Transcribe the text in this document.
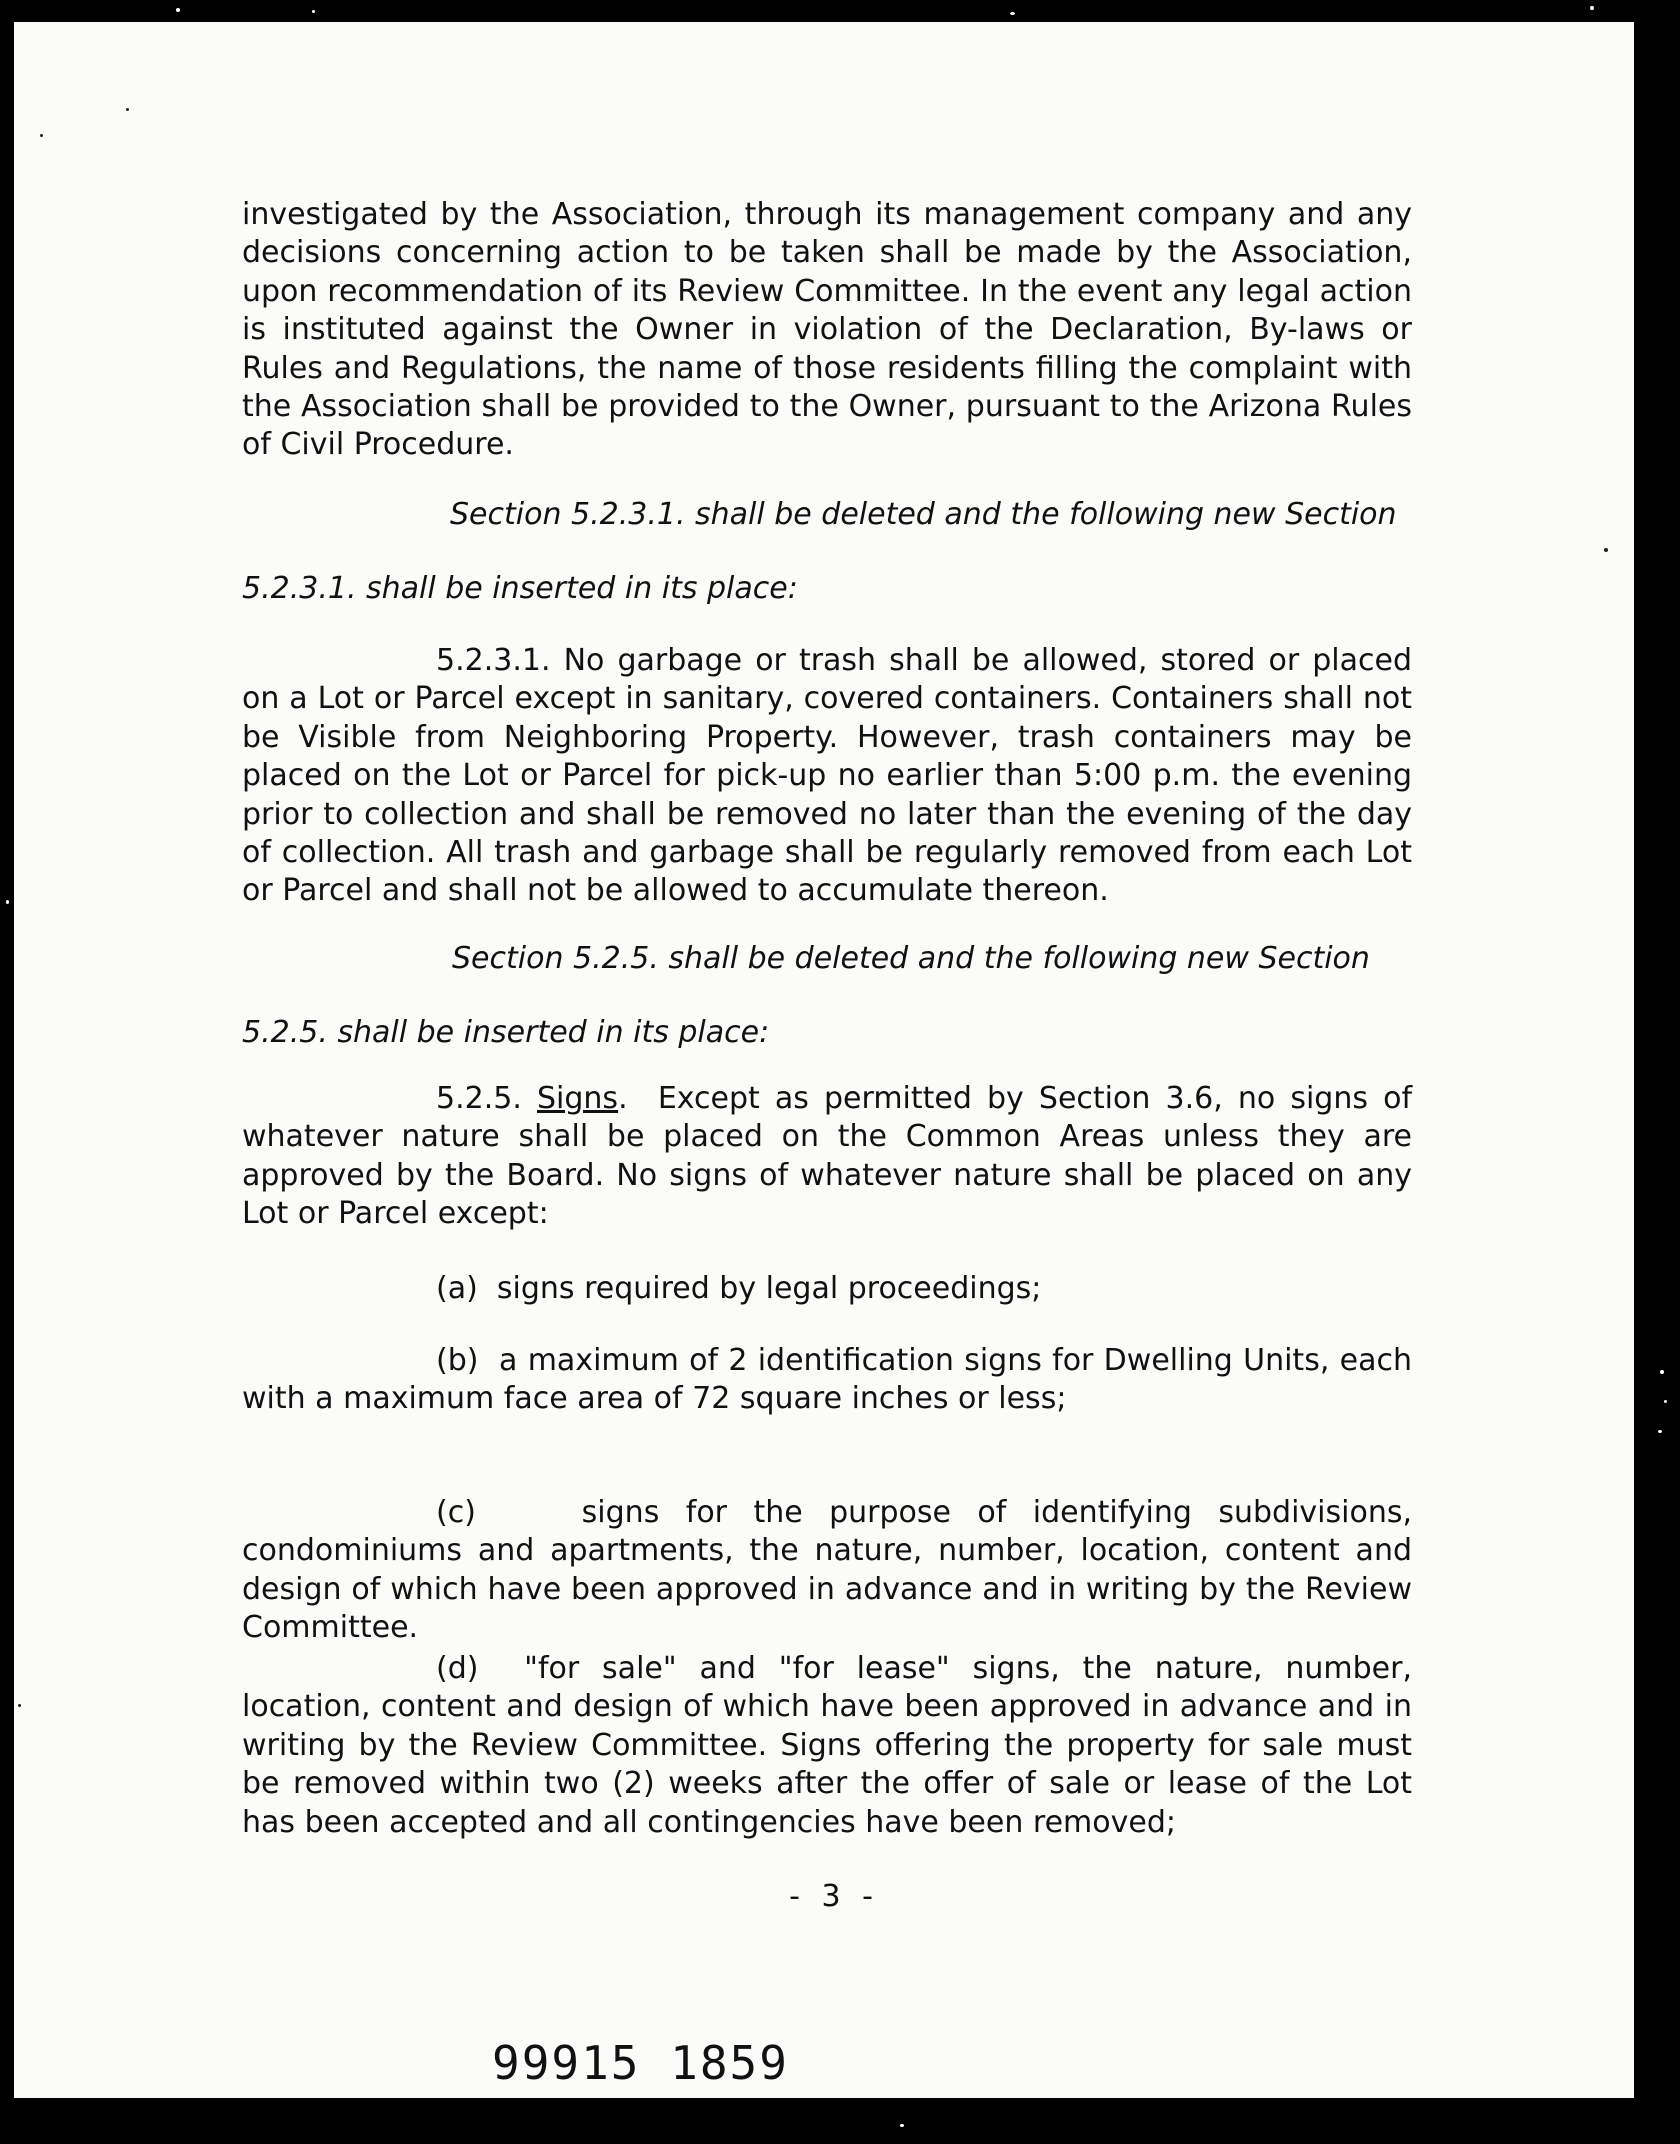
investigated by the Association, through its management company and any decisions concerning action to be taken shall be made by the Association, upon recommendation of its Review Committee. In the event any legal action is instituted against the Owner in violation of the Declaration, By-laws or Rules and Regulations, the name of those residents filling the complaint with the Association shall be provided to the Owner, pursuant to the Arizona Rules of Civil Procedure.

Section 5.2.3.1. shall be deleted and the following new Section

5.2.3.1. shall be inserted in its place:

5.2.3.1. No garbage or trash shall be allowed, stored or placed on a Lot or Parcel except in sanitary, covered containers. Containers shall not be Visible from Neighboring Property. However, trash containers may be placed on the Lot or Parcel for pick-up no earlier than 5:00 p.m. the evening prior to collection and shall be removed no later than the evening of the day of collection. All trash and garbage shall be regularly removed from each Lot or Parcel and shall not be allowed to accumulate thereon.

Section 5.2.5. shall be deleted and the following new Section

5.2.5. shall be inserted in its place:

5.2.5. Signs.  Except as permitted by Section 3.6, no signs of whatever nature shall be placed on the Common Areas unless they are approved by the Board. No signs of whatever nature shall be placed on any Lot or Parcel except:

(a) signs required by legal proceedings;

(b) a maximum of 2 identification signs for Dwelling Units, each with a maximum face area of 72 square inches or less;

(c)	signs for the purpose of identifying subdivisions, condominiums and apartments, the nature, number, location, content and design of which have been approved in advance and in writing by the Review Committee.

(d) "for sale" and "for lease" signs, the nature, number, location, content and design of which have been approved in advance and in writing by the Review Committee. Signs offering the property for sale must be removed within two (2) weeks after the offer of sale or lease of the Lot has been accepted and all contingencies have been removed;

- 3 -
99915 1859
